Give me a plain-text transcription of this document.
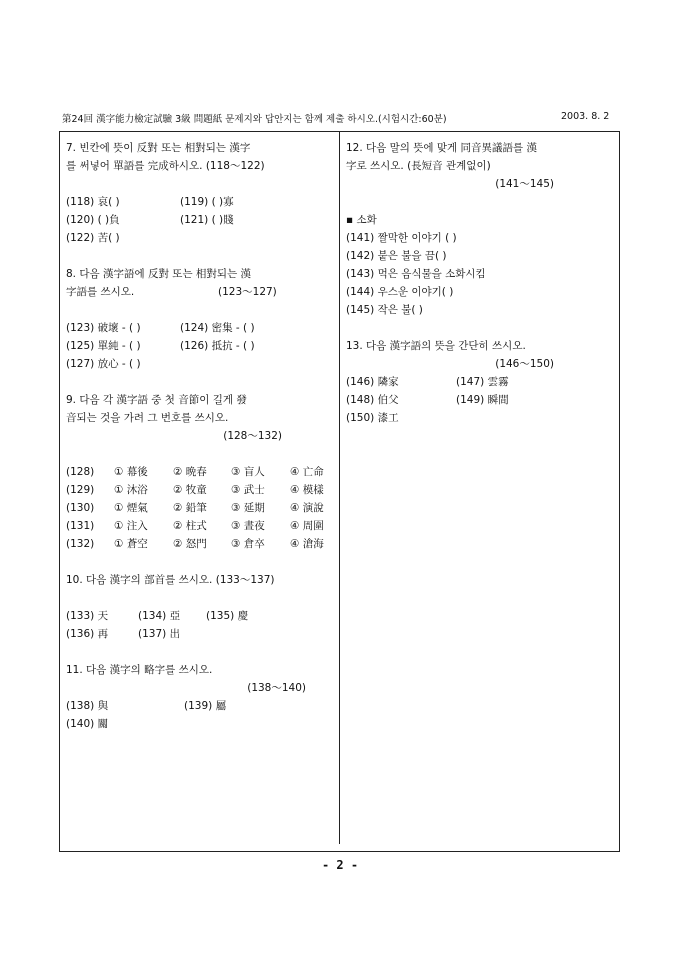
第24回 漢字能力檢定試驗 3級 問題紙 문제지와 답안지는 함께 제출 하시오.(시험시간:60분)	2003. 8. 2
7. 빈칸에 뜻이 反對 또는 相對되는 漢字
를 써넣어 單語를 完成하시오. (118～122)
(118) 哀( )	(119) ( )寡
(120) ( )負	(121) ( )賤
(122) 苦( )
8. 다음 漢字語에 反對 또는 相對되는 漢
字語를 쓰시오.	(123～127)
(123) 破壞 - ( )	(124) 密集 - ( )
(125) 單純 - ( )	(126) 抵抗 - ( )
(127) 放心 - ( )
9. 다음 각 漢字語 중 첫 音節이 길게 發
音되는 것을 가려 그 번호를 쓰시오.
(128～132)
(128) ① 幕後 ② 晩春 ③ 盲人 ④ 亡命
(129) ① 沐浴 ② 牧童 ③ 武士 ④ 模樣
(130) ① 煙氣 ② 鉛筆 ③ 延期 ④ 演說
(131) ① 注入 ② 柱式 ③ 晝夜 ④ 周圍
(132) ① 蒼空 ② 怒門 ③ 倉卒 ④ 滄海
10. 다음 漢字의 部首를 쓰시오. (133～137)
(133) 天	(134) 亞 (135) 慶
(136) 再	(137) 出
11. 다음 漢字의 略字를 쓰시오.
(138～140)
(138) 與	(139) 屬
(140) 關
12. 다음 말의 뜻에 맞게 同音異議語를 漢
字로 쓰시오. (長短音 관계없이)
(141～145)
▪ 소화
(141) 짤막한 이야기 ( )
(142) 붙은 불을 끔( )
(143) 먹은 음식물을 소화시킴
(144) 우스운 이야기( )
(145) 작은 불( )
13. 다음 漢字語의 뜻을 간단히 쓰시오.
(146～150)
(146) 隣家	(147) 雲霧
(148) 伯父	(149) 瞬間
(150) 漆工
- 2 -
